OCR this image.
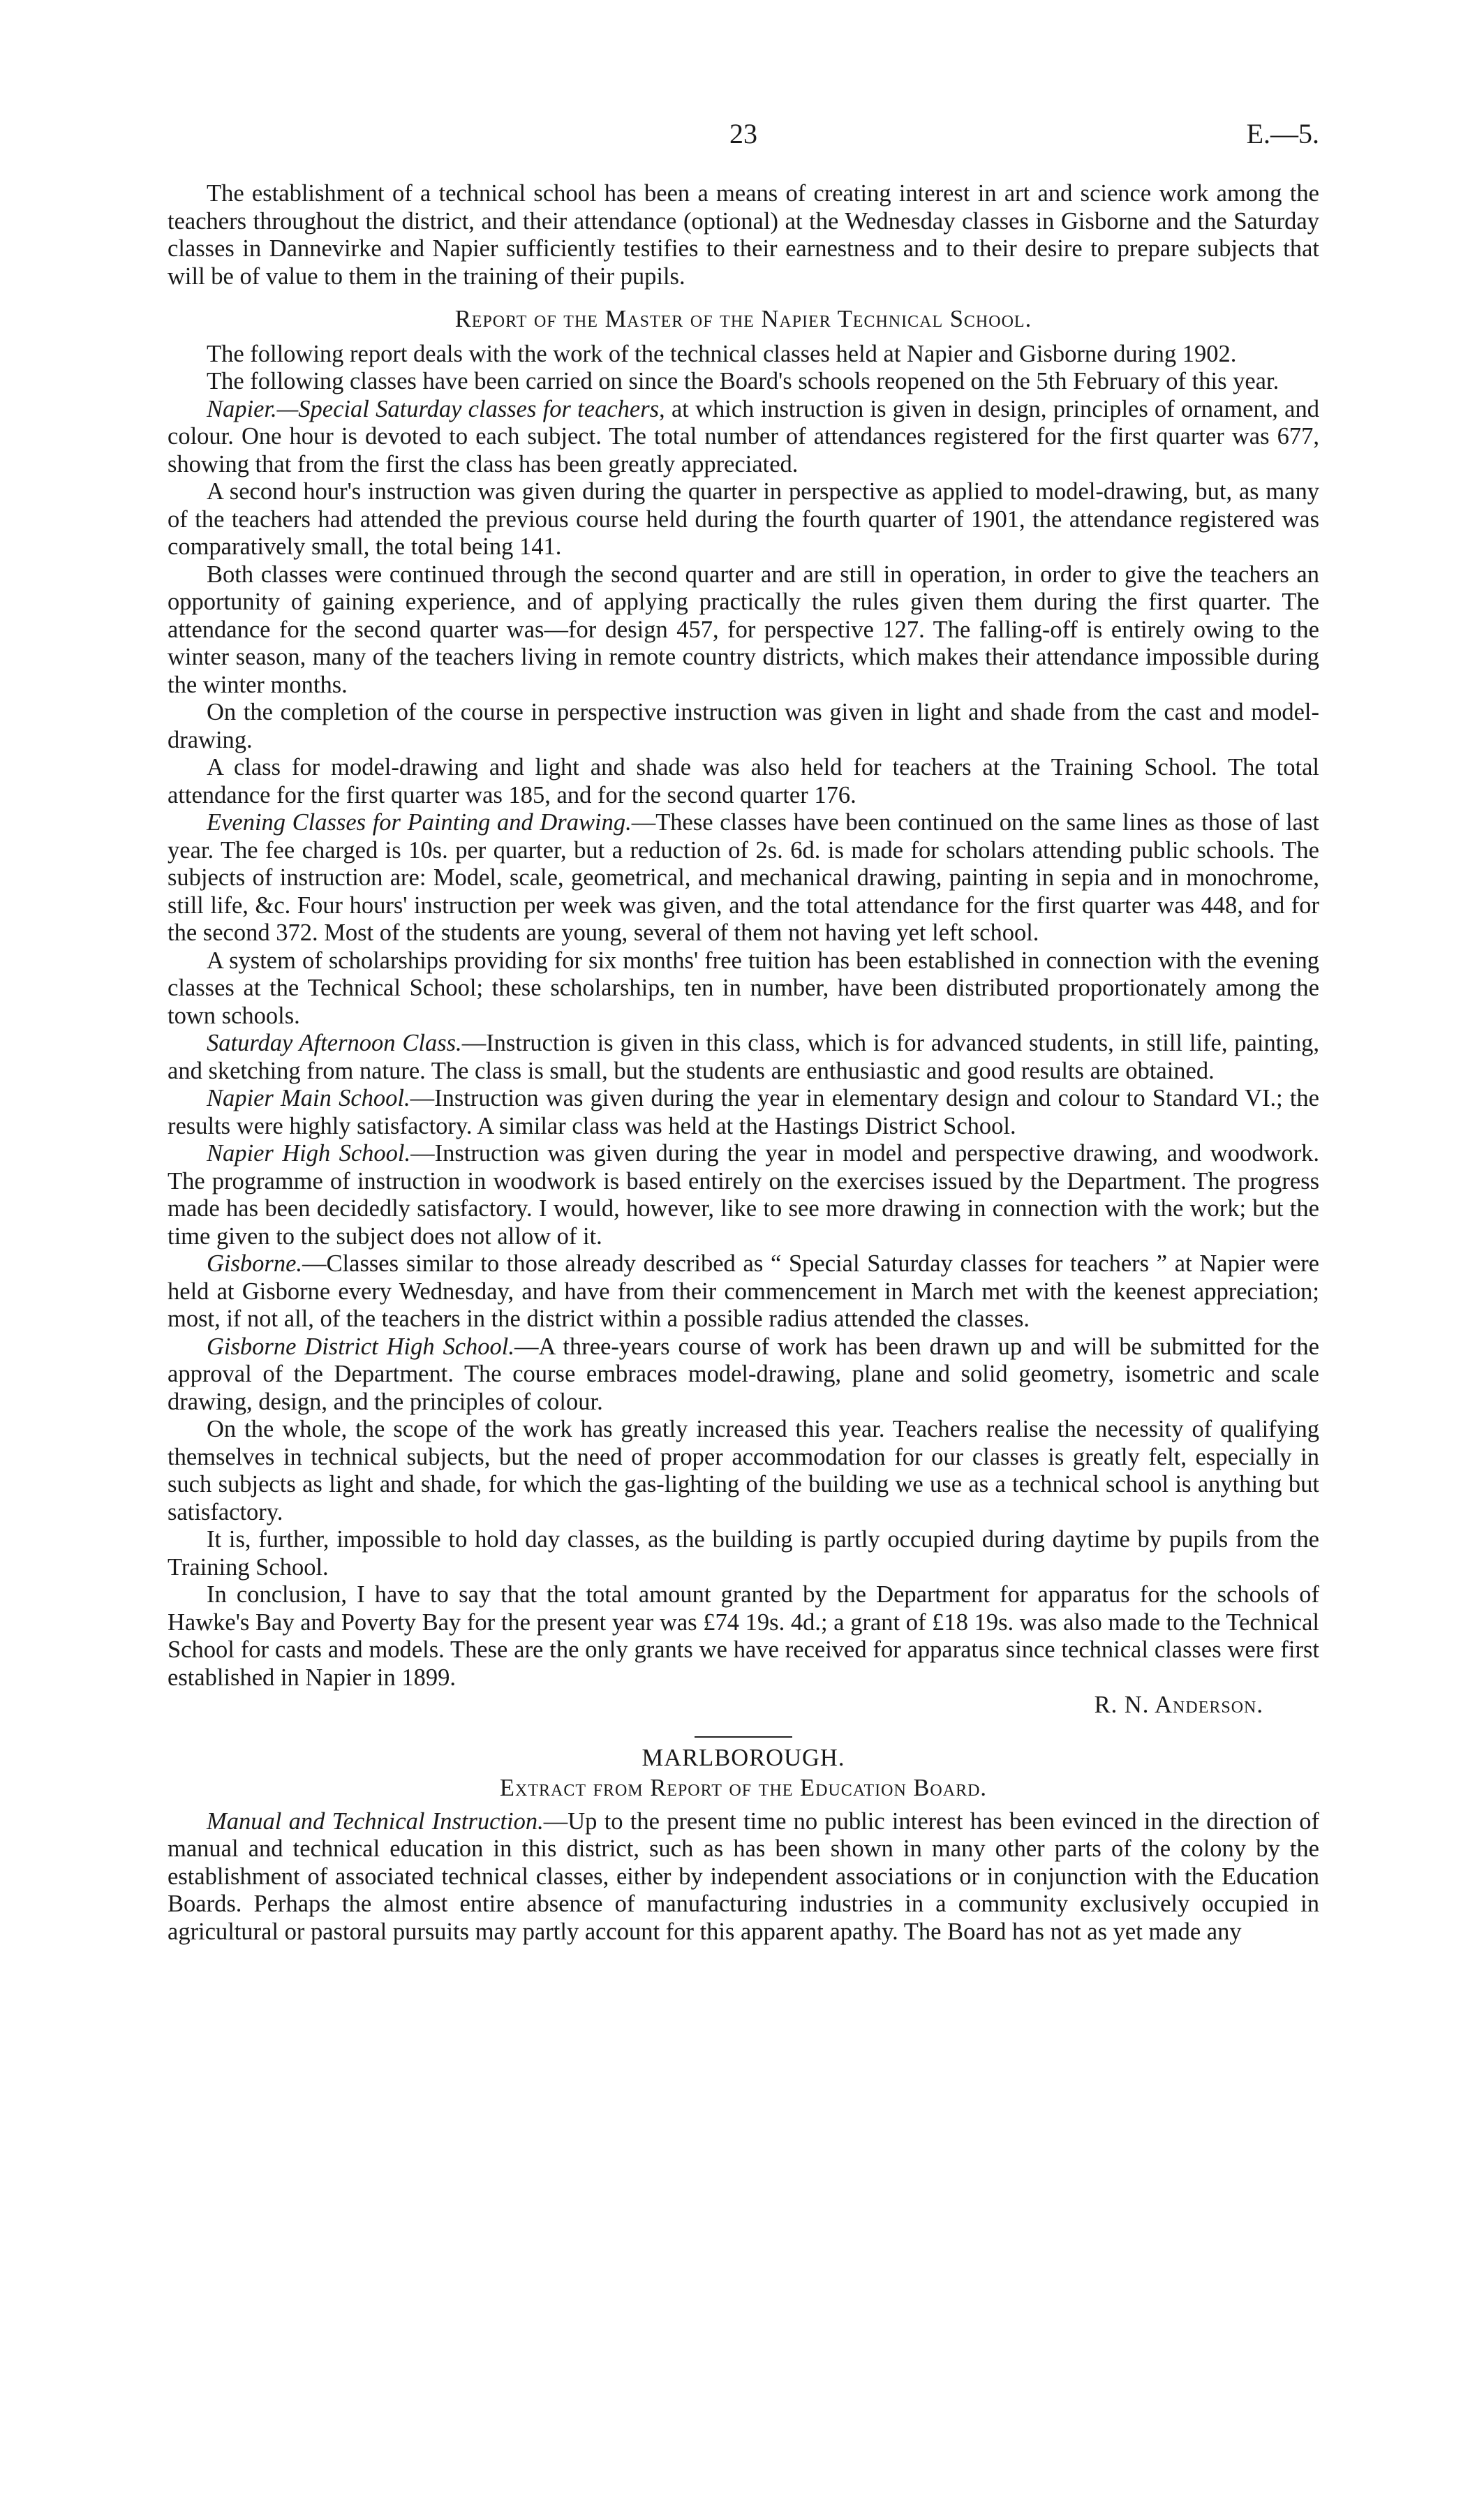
23	E.—5.

The establishment of a technical school has been a means of creating interest in art and science work among the teachers throughout the district, and their attendance (optional) at the Wednesday classes in Gisborne and the Saturday classes in Dannevirke and Napier sufficiently testifies to their earnestness and to their desire to prepare subjects that will be of value to them in the training of their pupils.

Report of the Master of the Napier Technical School.

The following report deals with the work of the technical classes held at Napier and Gisborne during 1902.

The following classes have been carried on since the Board's schools reopened on the 5th February of this year.

Napier.—Special Saturday classes for teachers, at which instruction is given in design, principles of ornament, and colour. One hour is devoted to each subject. The total number of attendances registered for the first quarter was 677, showing that from the first the class has been greatly appreciated.

A second hour's instruction was given during the quarter in perspective as applied to model-drawing, but, as many of the teachers had attended the previous course held during the fourth quarter of 1901, the attendance registered was comparatively small, the total being 141.

Both classes were continued through the second quarter and are still in operation, in order to give the teachers an opportunity of gaining experience, and of applying practically the rules given them during the first quarter. The attendance for the second quarter was—for design 457, for perspective 127. The falling-off is entirely owing to the winter season, many of the teachers living in remote country districts, which makes their attendance impossible during the winter months.

On the completion of the course in perspective instruction was given in light and shade from the cast and model-drawing.

A class for model-drawing and light and shade was also held for teachers at the Training School. The total attendance for the first quarter was 185, and for the second quarter 176.

Evening Classes for Painting and Drawing.—These classes have been continued on the same lines as those of last year. The fee charged is 10s. per quarter, but a reduction of 2s. 6d. is made for scholars attending public schools. The subjects of instruction are: Model, scale, geometrical, and mechanical drawing, painting in sepia and in monochrome, still life, &c. Four hours' instruction per week was given, and the total attendance for the first quarter was 448, and for the second 372. Most of the students are young, several of them not having yet left school.

A system of scholarships providing for six months' free tuition has been established in connection with the evening classes at the Technical School; these scholarships, ten in number, have been distributed proportionately among the town schools.

Saturday Afternoon Class.—Instruction is given in this class, which is for advanced students, in still life, painting, and sketching from nature. The class is small, but the students are enthusiastic and good results are obtained.

Napier Main School.—Instruction was given during the year in elementary design and colour to Standard VI.; the results were highly satisfactory. A similar class was held at the Hastings District School.

Napier High School.—Instruction was given during the year in model and perspective drawing, and woodwork. The programme of instruction in woodwork is based entirely on the exercises issued by the Department. The progress made has been decidedly satisfactory. I would, however, like to see more drawing in connection with the work; but the time given to the subject does not allow of it.

Gisborne.—Classes similar to those already described as “ Special Saturday classes for teachers ” at Napier were held at Gisborne every Wednesday, and have from their commencement in March met with the keenest appreciation; most, if not all, of the teachers in the district within a possible radius attended the classes.

Gisborne District High School.—A three-years course of work has been drawn up and will be submitted for the approval of the Department. The course embraces model-drawing, plane and solid geometry, isometric and scale drawing, design, and the principles of colour.

On the whole, the scope of the work has greatly increased this year. Teachers realise the necessity of qualifying themselves in technical subjects, but the need of proper accommodation for our classes is greatly felt, especially in such subjects as light and shade, for which the gas-lighting of the building we use as a technical school is anything but satisfactory.

It is, further, impossible to hold day classes, as the building is partly occupied during daytime by pupils from the Training School.

In conclusion, I have to say that the total amount granted by the Department for apparatus for the schools of Hawke's Bay and Poverty Bay for the present year was £74 19s. 4d.; a grant of £18 19s. was also made to the Technical School for casts and models. These are the only grants we have received for apparatus since technical classes were first established in Napier in 1899.

R. N. Anderson.

MARLBOROUGH.

Extract from Report of the Education Board.

Manual and Technical Instruction.—Up to the present time no public interest has been evinced in the direction of manual and technical education in this district, such as has been shown in many other parts of the colony by the establishment of associated technical classes, either by independent associations or in conjunction with the Education Boards. Perhaps the almost entire absence of manufacturing industries in a community exclusively occupied in agricultural or pastoral pursuits may partly account for this apparent apathy. The Board has not as yet made any
